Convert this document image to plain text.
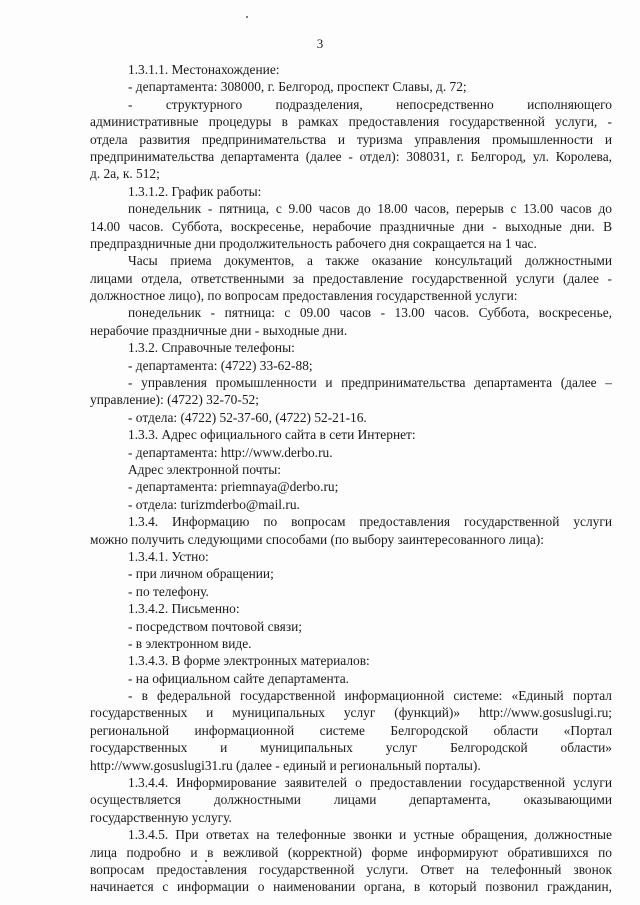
3
1.3.1.1. Местонахождение:
- департамента: 308000, г. Белгород, проспект Славы, д. 72;
- структурного подразделения, непосредственно исполняющего
административные процедуры в рамках предоставления государственной услуги, -
отдела развития предпринимательства и туризма управления промышленности и
предпринимательства департамента (далее - отдел): 308031, г. Белгород, ул. Королева,
д. 2а, к. 512;
1.3.1.2. График работы:
понедельник - пятница, с 9.00 часов до 18.00 часов, перерыв с 13.00 часов до
14.00 часов. Суббота, воскресенье, нерабочие праздничные дни - выходные дни. В
предпраздничные дни продолжительность рабочего дня сокращается на 1 час.
Часы приема документов, а также оказание консультаций должностными
лицами отдела, ответственными за предоставление государственной услуги (далее -
должностное лицо), по вопросам предоставления государственной услуги:
понедельник - пятница: с 09.00 часов - 13.00 часов. Суббота, воскресенье,
нерабочие праздничные дни - выходные дни.
1.3.2. Справочные телефоны:
- департамента: (4722) 33-62-88;
- управления промышленности и предпринимательства департамента (далее –
управление): (4722) 32-70-52;
- отдела: (4722) 52-37-60, (4722) 52-21-16.
1.3.3. Адрес официального сайта в сети Интернет:
- департамента: http://www.derbo.ru.
Адрес электронной почты:
- департамента: priemnaya@derbo.ru;
- отдела: turizmderbo@mail.ru.
1.3.4. Информацию по вопросам предоставления государственной услуги
можно получить следующими способами (по выбору заинтересованного лица):
1.3.4.1. Устно:
- при личном обращении;
- по телефону.
1.3.4.2. Письменно:
- посредством почтовой связи;
- в электронном виде.
1.3.4.3. В форме электронных материалов:
- на официальном сайте департамента.
- в федеральной государственной информационной системе: «Единый портал
государственных и муниципальных услуг (функций)» http://www.gosuslugi.ru;
региональной информационной системе Белгородской области «Портал
государственных и муниципальных услуг Белгородской области»
http://www.gosuslugi31.ru (далее - единый и региональный порталы).
1.3.4.4. Информирование заявителей о предоставлении государственной услуги
осуществляется должностными лицами департамента, оказывающими
государственную услугу.
1.3.4.5. При ответах на телефонные звонки и устные обращения, должностные
лица подробно и в вежливой (корректной) форме информируют обратившихся по
вопросам предоставления государственной услуги. Ответ на телефонный звонок
начинается с информации о наименовании органа, в который позвонил гражданин,
